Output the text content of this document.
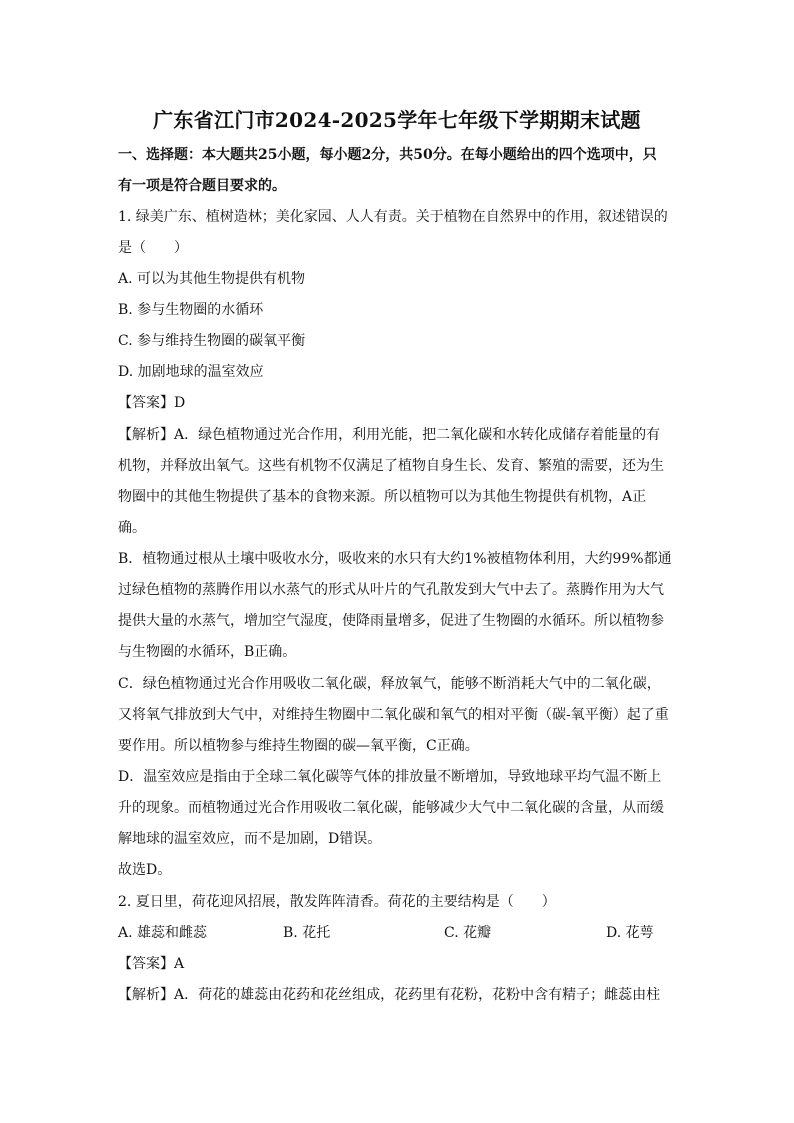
广东省江门市2024-2025学年七年级下学期期末试题
一、选择题：本大题共25小题，每小题2分，共50分。在每小题给出的四个选项中，只
有一项是符合题目要求的。
1. 绿美广东、植树造林；美化家园、人人有责。关于植物在自然界中的作用，叙述错误的
是（　　）
A. 可以为其他生物提供有机物
B. 参与生物圈的水循环
C. 参与维持生物圈的碳氧平衡
D. 加剧地球的温室效应
【答案】D
【解析】A．绿色植物通过光合作用，利用光能，把二氧化碳和水转化成储存着能量的有
机物，并释放出氧气。这些有机物不仅满足了植物自身生长、发育、繁殖的需要，还为生
物圈中的其他生物提供了基本的食物来源。所以植物可以为其他生物提供有机物，A正
确。
B．植物通过根从土壤中吸收水分，吸收来的水只有大约1%被植物体利用，大约99%都通
过绿色植物的蒸腾作用以水蒸气的形式从叶片的气孔散发到大气中去了。蒸腾作用为大气
提供大量的水蒸气，增加空气湿度，使降雨量增多，促进了生物圈的水循环。所以植物参
与生物圈的水循环，B正确。
C．绿色植物通过光合作用吸收二氧化碳，释放氧气，能够不断消耗大气中的二氧化碳，
又将氧气排放到大气中，对维持生物圈中二氧化碳和氧气的相对平衡（碳-氧平衡）起了重
要作用。所以植物参与维持生物圈的碳—氧平衡，C正确。
D．温室效应是指由于全球二氧化碳等气体的排放量不断增加，导致地球平均气温不断上
升的现象。而植物通过光合作用吸收二氧化碳，能够减少大气中二氧化碳的含量，从而缓
解地球的温室效应，而不是加剧，D错误。
故选D。
2. 夏日里，荷花迎风招展，散发阵阵清香。荷花的主要结构是（　　）
A. 雄蕊和雌蕊	B. 花托	C. 花瓣	D. 花萼
【答案】A
【解析】A．荷花的雄蕊由花药和花丝组成，花药里有花粉，花粉中含有精子；雌蕊由柱
